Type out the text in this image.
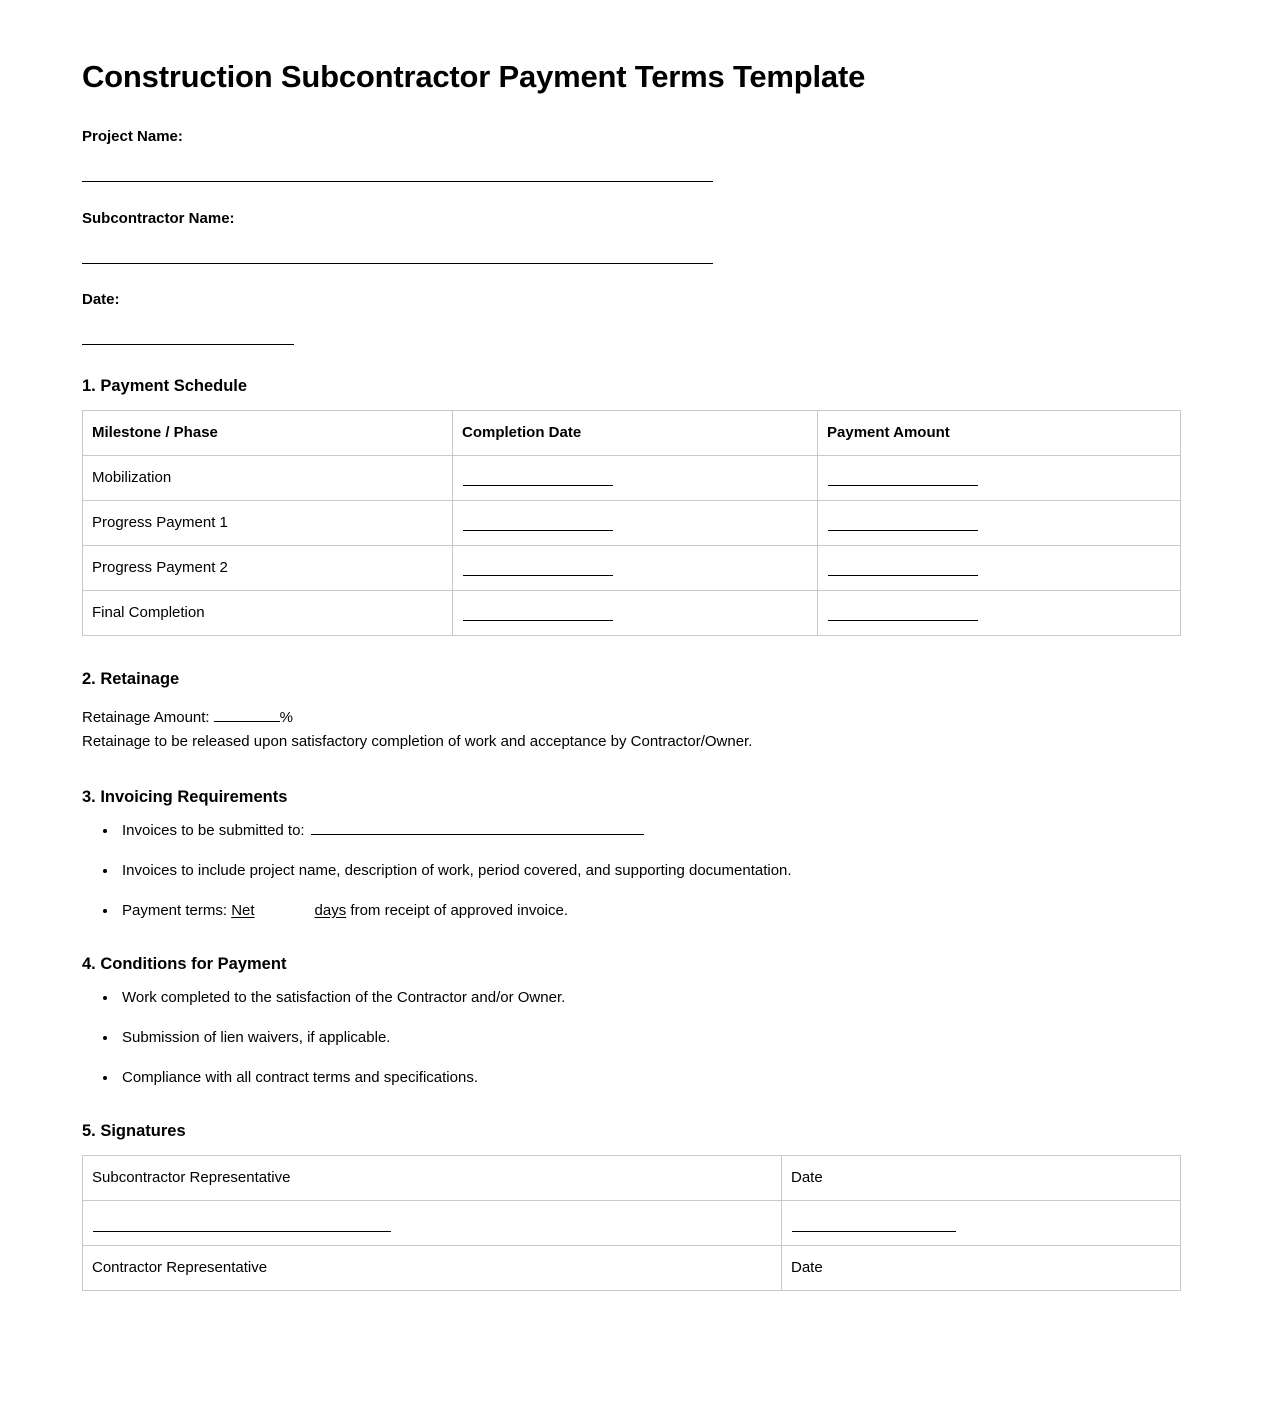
Construction Subcontractor Payment Terms Template
Project Name:
Subcontractor Name:
Date:
1. Payment Schedule
Milestone / Phase	Completion Date	Payment Amount
Mobilization	

Progress Payment 1	

Progress Payment 2	

Final Completion	

2. Retainage

Retainage Amount:	%

Retainage to be released upon satisfactory completion of work and acceptance by Contractor/Owner.

3. Invoicing Requirements
• Invoices to be submitted to:
• Invoices to include project name, description of work, period covered, and supporting documentation.
• Payment terms: Net	days from receipt of approved invoice.
4. Conditions for Payment
• Work completed to the satisfaction of the Contractor and/or Owner.
• Submission of lien waivers, if applicable.
• Compliance with all contract terms and specifications.
5. Signatures
Subcontractor Representative	Date

Contractor Representative	Date
